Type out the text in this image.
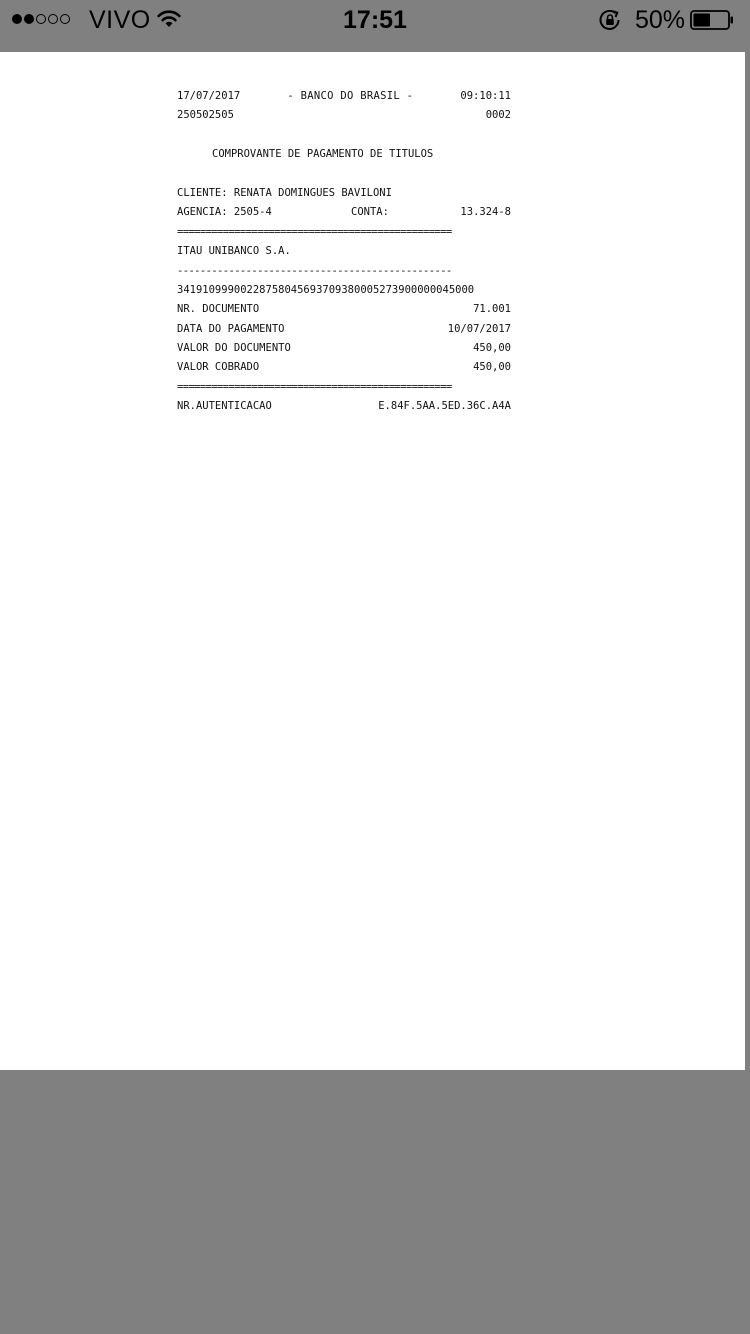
VIVO	17:51	50%
17/07/2017	- BANCO DO BRASIL -	09:10:11
250502505	0002
COMPROVANTE DE PAGAMENTO DE TITULOS
CLIENTE: RENATA DOMINGUES BAVILONI
AGENCIA: 2505-4	CONTA:	13.324-8
================================================
ITAU UNIBANCO S.A.
------------------------------------------------
34191099900228758045693709380005273900000045000
NR. DOCUMENTO	71.001
DATA DO PAGAMENTO	10/07/2017
VALOR DO DOCUMENTO	450,00
VALOR COBRADO	450,00
================================================
NR.AUTENTICACAO	E.84F.5AA.5ED.36C.A4A
